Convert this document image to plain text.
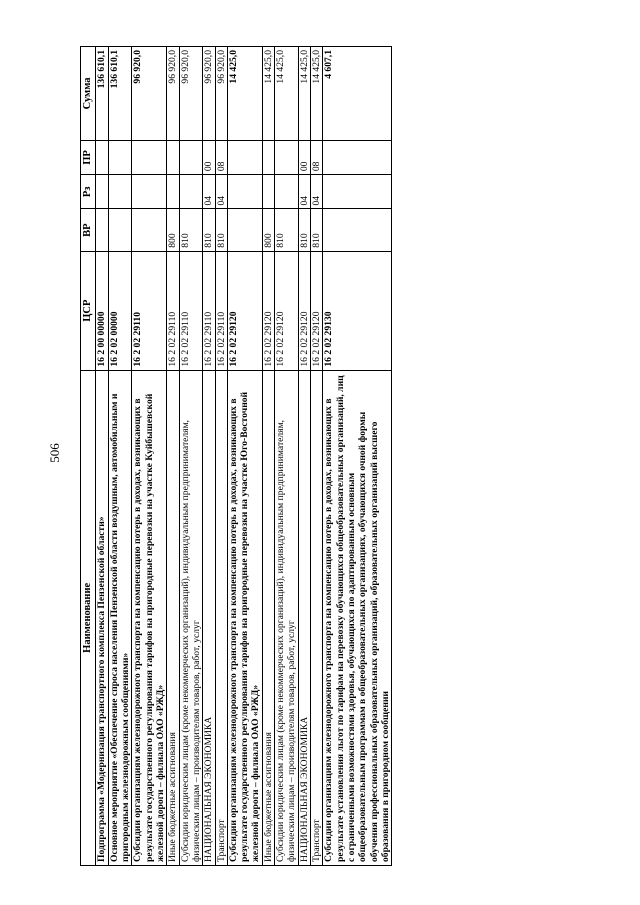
506
Наименование	ЦСР	ВР	Рз	ПР	Сумма
Подпрограмма «Модернизация транспортного комплекса Пензенской области»	16 2 00 00000				136 610,1
Основное мероприятие «Обеспечение спроса населения Пензенской области воздушным, автомобильным и пригородным железнодорожным сообщениями»	16 2 02 00000				136 610,1
Субсидии организациям железнодорожного транспорта на компенсацию потерь в доходах, возникающих в результате государственного регулирования тарифов на пригородные перевозки на участке Куйбышевской железной дороги – филиала ОАО «РЖД»	16 2 02 29110				96 920,0
Иные бюджетные ассигнования	16 2 02 29110	800			96 920,0
Субсидии юридическим лицам (кроме некоммерческих организаций), индивидуальным предпринимателям, физическим лицам – производителям товаров, работ, услуг	16 2 02 29110	810			96 920,0
НАЦИОНАЛЬНАЯ ЭКОНОМИКА	16 2 02 29110	810	04	00	96 920,0
Транспорт	16 2 02 29110	810	04	08	96 920,0
Субсидии организациям железнодорожного транспорта на компенсацию потерь в доходах, возникающих в результате государственного регулирования тарифов на пригородные перевозки на участке Юго-Восточной железной дороги – филиала ОАО «РЖД»	16 2 02 29120				14 425,0
Иные бюджетные ассигнования	16 2 02 29120	800			14 425,0
Субсидии юридическим лицам (кроме некоммерческих организаций), индивидуальным предпринимателям, физическим лицам – производителям товаров, работ, услуг	16 2 02 29120	810			14 425,0
НАЦИОНАЛЬНАЯ ЭКОНОМИКА	16 2 02 29120	810	04	00	14 425,0
Транспорт	16 2 02 29120	810	04	08	14 425,0
Субсидии организациям железнодорожного транспорта на компенсацию потерь в доходах, возникающих в результате установления льгот по тарифам на перевозку обучающихся общеобразовательных организаций, лиц с ограниченными возможностями здоровья, обучающихся по адаптированным основным общеобразовательным программам в общеобразовательных организациях, обучающихся очной формы обучения профессиональных образовательных организаций, образовательных организаций высшего образования в пригородном сообщении	16 2 02 29130				4 607,1
